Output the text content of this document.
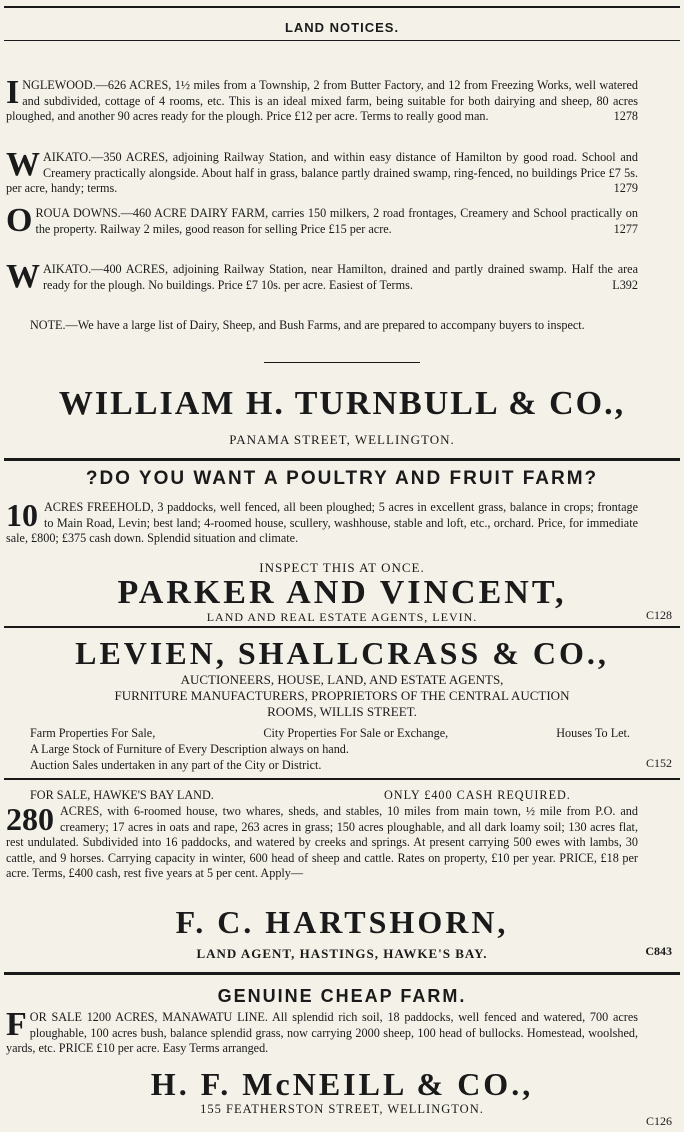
LAND NOTICES.

INGLEWOOD.—626 ACRES, 1½ miles from a Township, 2 from Butter Factory, and 12 from Freezing Works, well watered and subdivided, cottage of 4 rooms, etc. This is an ideal mixed farm, being suitable for both dairying and sheep, 80 acres ploughed, and another 90 acres ready for the plough. Price £12 per acre. Terms to really good man.	1278

WAIKATO.—350 ACRES, adjoining Railway Station, and within easy distance of Hamilton by good road. School and Creamery practically alongside. About half in grass, balance partly drained swamp, ring-fenced, no buildings Price £7 5s. per acre, handy; terms.	1279

OROUA DOWNS.—460 ACRE DAIRY FARM, carries 150 milkers, 2 road frontages, Creamery and School practically on the property. Railway 2 miles, good reason for selling Price £15 per acre.	1277

WAIKATO.—400 ACRES, adjoining Railway Station, near Hamilton, drained and partly drained swamp. Half the area ready for the plough. No buildings. Price £7 10s. per acre. Easiest of Terms.	L392

NOTE.—We have a large list of Dairy, Sheep, and Bush Farms, and are prepared to accompany buyers to inspect.

WILLIAM H. TURNBULL & CO.,
PANAMA STREET, WELLINGTON.
?DO YOU WANT A POULTRY AND FRUIT FARM?

10 ACRES FREEHOLD, 3 paddocks, well fenced, all been ploughed; 5 acres in excellent grass, balance in crops; frontage to Main Road, Levin; best land; 4-roomed house, scullery, washhouse, stable and loft, etc., orchard. Price, for immediate sale, £800; £375 cash down. Splendid situation and climate.

INSPECT THIS AT ONCE.
PARKER AND VINCENT,
LAND AND REAL ESTATE AGENTS, LEVIN.	C128
LEVIEN, SHALLCRASS & CO.,
AUCTIONEERS, HOUSE, LAND, AND ESTATE AGENTS,
FURNITURE MANUFACTURERS, PROPRIETORS OF THE CENTRAL AUCTION
ROOMS, WILLIS STREET.
Farm Properties For Sale,	City Properties For Sale or Exchange,	Houses To Let.
A Large Stock of Furniture of Every Description always on hand.
Auction Sales undertaken in any part of the City or District.	C152
FOR SALE, HAWKE'S BAY LAND.	ONLY £400 CASH REQUIRED.

280 ACRES, with 6-roomed house, two whares, sheds, and stables, 10 miles from main town, ½ mile from P.O. and creamery; 17 acres in oats and rape, 263 acres in grass; 150 acres ploughable, and all dark loamy soil; 130 acres flat, rest undulated. Subdivided into 16 paddocks, and watered by creeks and springs. At present carrying 500 ewes with lambs, 30 cattle, and 9 horses. Carrying capacity in winter, 600 head of sheep and cattle. Rates on property, £10 per year. PRICE, £18 per acre. Terms, £400 cash, rest five years at 5 per cent. Apply—

F. C. HARTSHORN,
LAND AGENT, HASTINGS, HAWKE'S BAY.	C843
GENUINE CHEAP FARM.

FOR SALE 1200 ACRES, MANAWATU LINE. All splendid rich soil, 18 paddocks, well fenced and watered, 700 acres ploughable, 100 acres bush, balance splendid grass, now carrying 2000 sheep, 100 head of bullocks. Homestead, woolshed, yards, etc. PRICE £10 per acre. Easy Terms arranged.

H. F. McNEILL & CO.,
155 FEATHERSTON STREET, WELLINGTON.
C126
